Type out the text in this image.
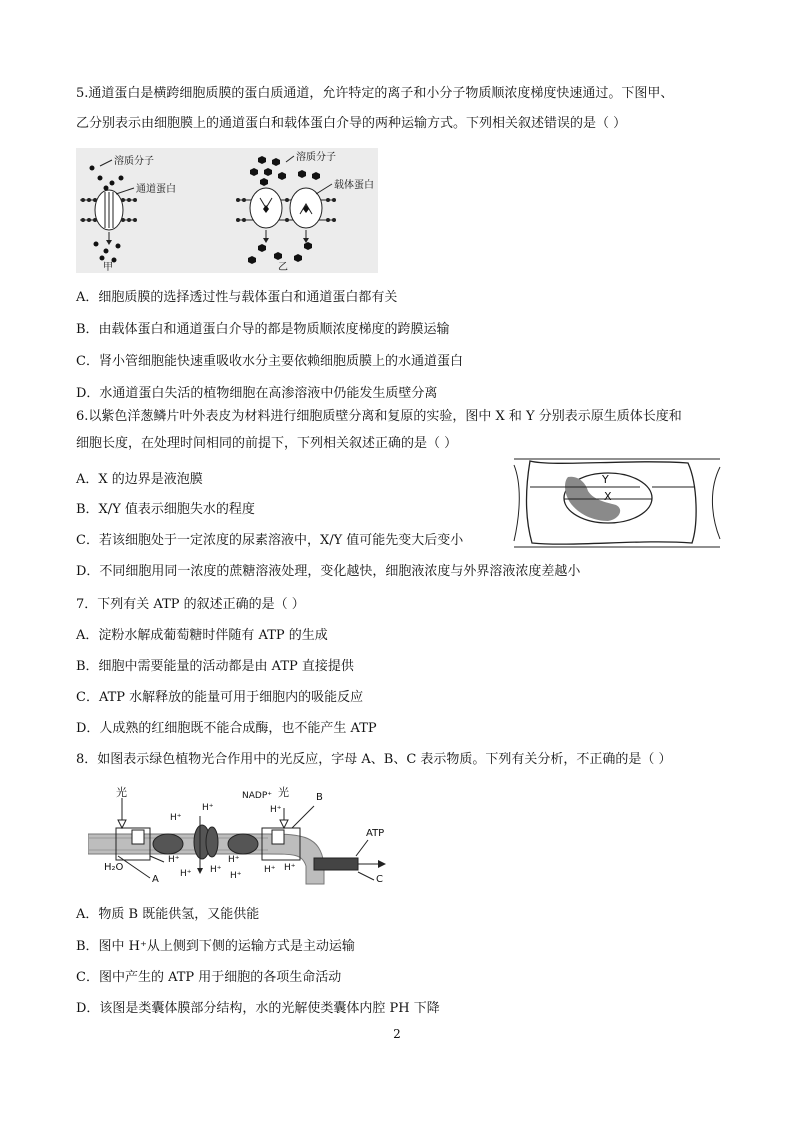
5.通道蛋白是横跨细胞质膜的蛋白质通道，允许特定的离子和小分子物质顺浓度梯度快速通过。下图甲、
乙分别表示由细胞膜上的通道蛋白和载体蛋白介导的两种运输方式。下列相关叙述错误的是（ ）
溶质分子
通道蛋白
甲
溶质分子
载体蛋白
乙
A．细胞质膜的选择透过性与载体蛋白和通道蛋白都有关
B．由载体蛋白和通道蛋白介导的都是物质顺浓度梯度的跨膜运输
C．肾小管细胞能快速重吸收水分主要依赖细胞质膜上的水通道蛋白
D．水通道蛋白失活的植物细胞在高渗溶液中仍能发生质壁分离
6.以紫色洋葱鳞片叶外表皮为材料进行细胞质壁分离和复原的实验，图中 X 和 Y 分别表示原生质体长度和
细胞长度，在处理时间相同的前提下，下列相关叙述正确的是（ ）
Y
X
A．X 的边界是液泡膜
B．X/Y 值表示细胞失水的程度
C．若该细胞处于一定浓度的尿素溶液中，X/Y 值可能先变大后变小
D．不同细胞用同一浓度的蔗糖溶液处理，变化越快，细胞液浓度与外界溶液浓度差越小
7．下列有关 ATP 的叙述正确的是（ ）
A．淀粉水解成葡萄糖时伴随有 ATP 的生成
B．细胞中需要能量的活动都是由 ATP 直接提供
C．ATP 水解释放的能量可用于细胞内的吸能反应
D．人成熟的红细胞既不能合成酶，也不能产生 ATP
8．如图表示绿色植物光合作用中的光反应，字母 A、B、C 表示物质。下列有关分析，不正确的是（ ）
光	NADP⁺ 光	B
H⁺
H⁺	H⁺
H⁺
H⁺ H⁺
H⁺
H⁺
H⁺ H⁺
H₂O
A
ATP
C
A．物质 B 既能供氢，又能供能
B．图中 H⁺从上侧到下侧的运输方式是主动运输
C．图中产生的 ATP 用于细胞的各项生命活动
D．该图是类囊体膜部分结构，水的光解使类囊体内腔 PH 下降
2
